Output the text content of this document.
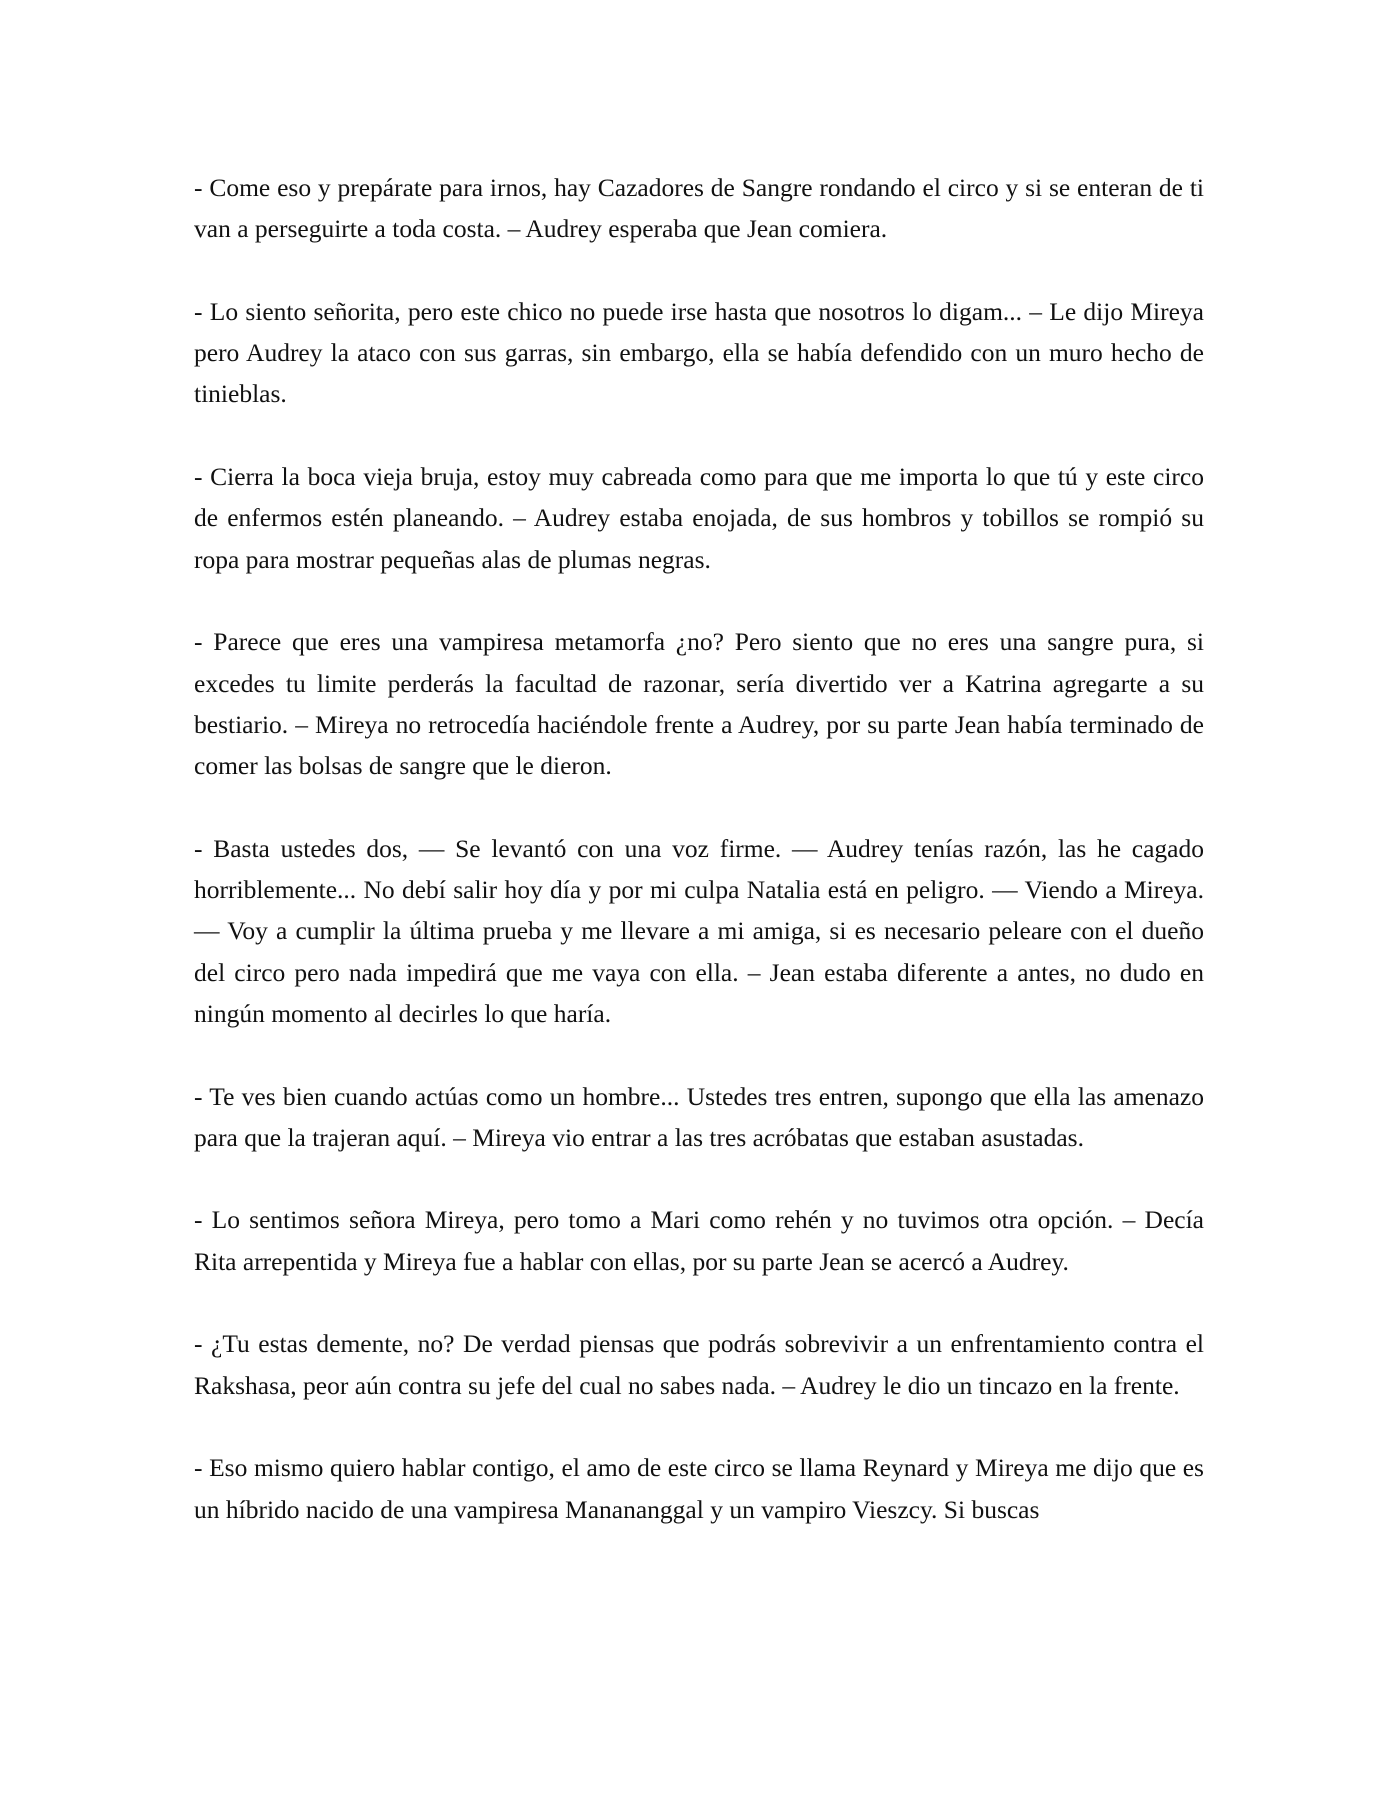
- Come eso y prepárate para irnos, hay Cazadores de Sangre rondando el circo y si se enteran de ti van a perseguirte a toda costa. – Audrey esperaba que Jean comiera.

- Lo siento señorita, pero este chico no puede irse hasta que nosotros lo digam... – Le dijo Mireya pero Audrey la ataco con sus garras, sin embargo, ella se había defendido con un muro hecho de tinieblas.

- Cierra la boca vieja bruja, estoy muy cabreada como para que me importa lo que tú y este circo de enfermos estén planeando. – Audrey estaba enojada, de sus hombros y tobillos se rompió su ropa para mostrar pequeñas alas de plumas negras.

- Parece que eres una vampiresa metamorfa ¿no? Pero siento que no eres una sangre pura, si excedes tu limite perderás la facultad de razonar, sería divertido ver a Katrina agregarte a su bestiario. – Mireya no retrocedía haciéndole frente a Audrey, por su parte Jean había terminado de comer las bolsas de sangre que le dieron.

- Basta ustedes dos, — Se levantó con una voz firme. — Audrey tenías razón, las he cagado horriblemente... No debí salir hoy día y por mi culpa Natalia está en peligro. — Viendo a Mireya. — Voy a cumplir la última prueba y me llevare a mi amiga, si es necesario peleare con el dueño del circo pero nada impedirá que me vaya con ella. – Jean estaba diferente a antes, no dudo en ningún momento al decirles lo que haría.

- Te ves bien cuando actúas como un hombre... Ustedes tres entren, supongo que ella las amenazo para que la trajeran aquí. – Mireya vio entrar a las tres acróbatas que estaban asustadas.

- Lo sentimos señora Mireya, pero tomo a Mari como rehén y no tuvimos otra opción. – Decía Rita arrepentida y Mireya fue a hablar con ellas, por su parte Jean se acercó a Audrey.

- ¿Tu estas demente, no? De verdad piensas que podrás sobrevivir a un enfrentamiento contra el Rakshasa, peor aún contra su jefe del cual no sabes nada. – Audrey le dio un tincazo en la frente.

- Eso mismo quiero hablar contigo, el amo de este circo se llama Reynard y Mireya me dijo que es un híbrido nacido de una vampiresa Manananggal y un vampiro Vieszcy. Si buscas
